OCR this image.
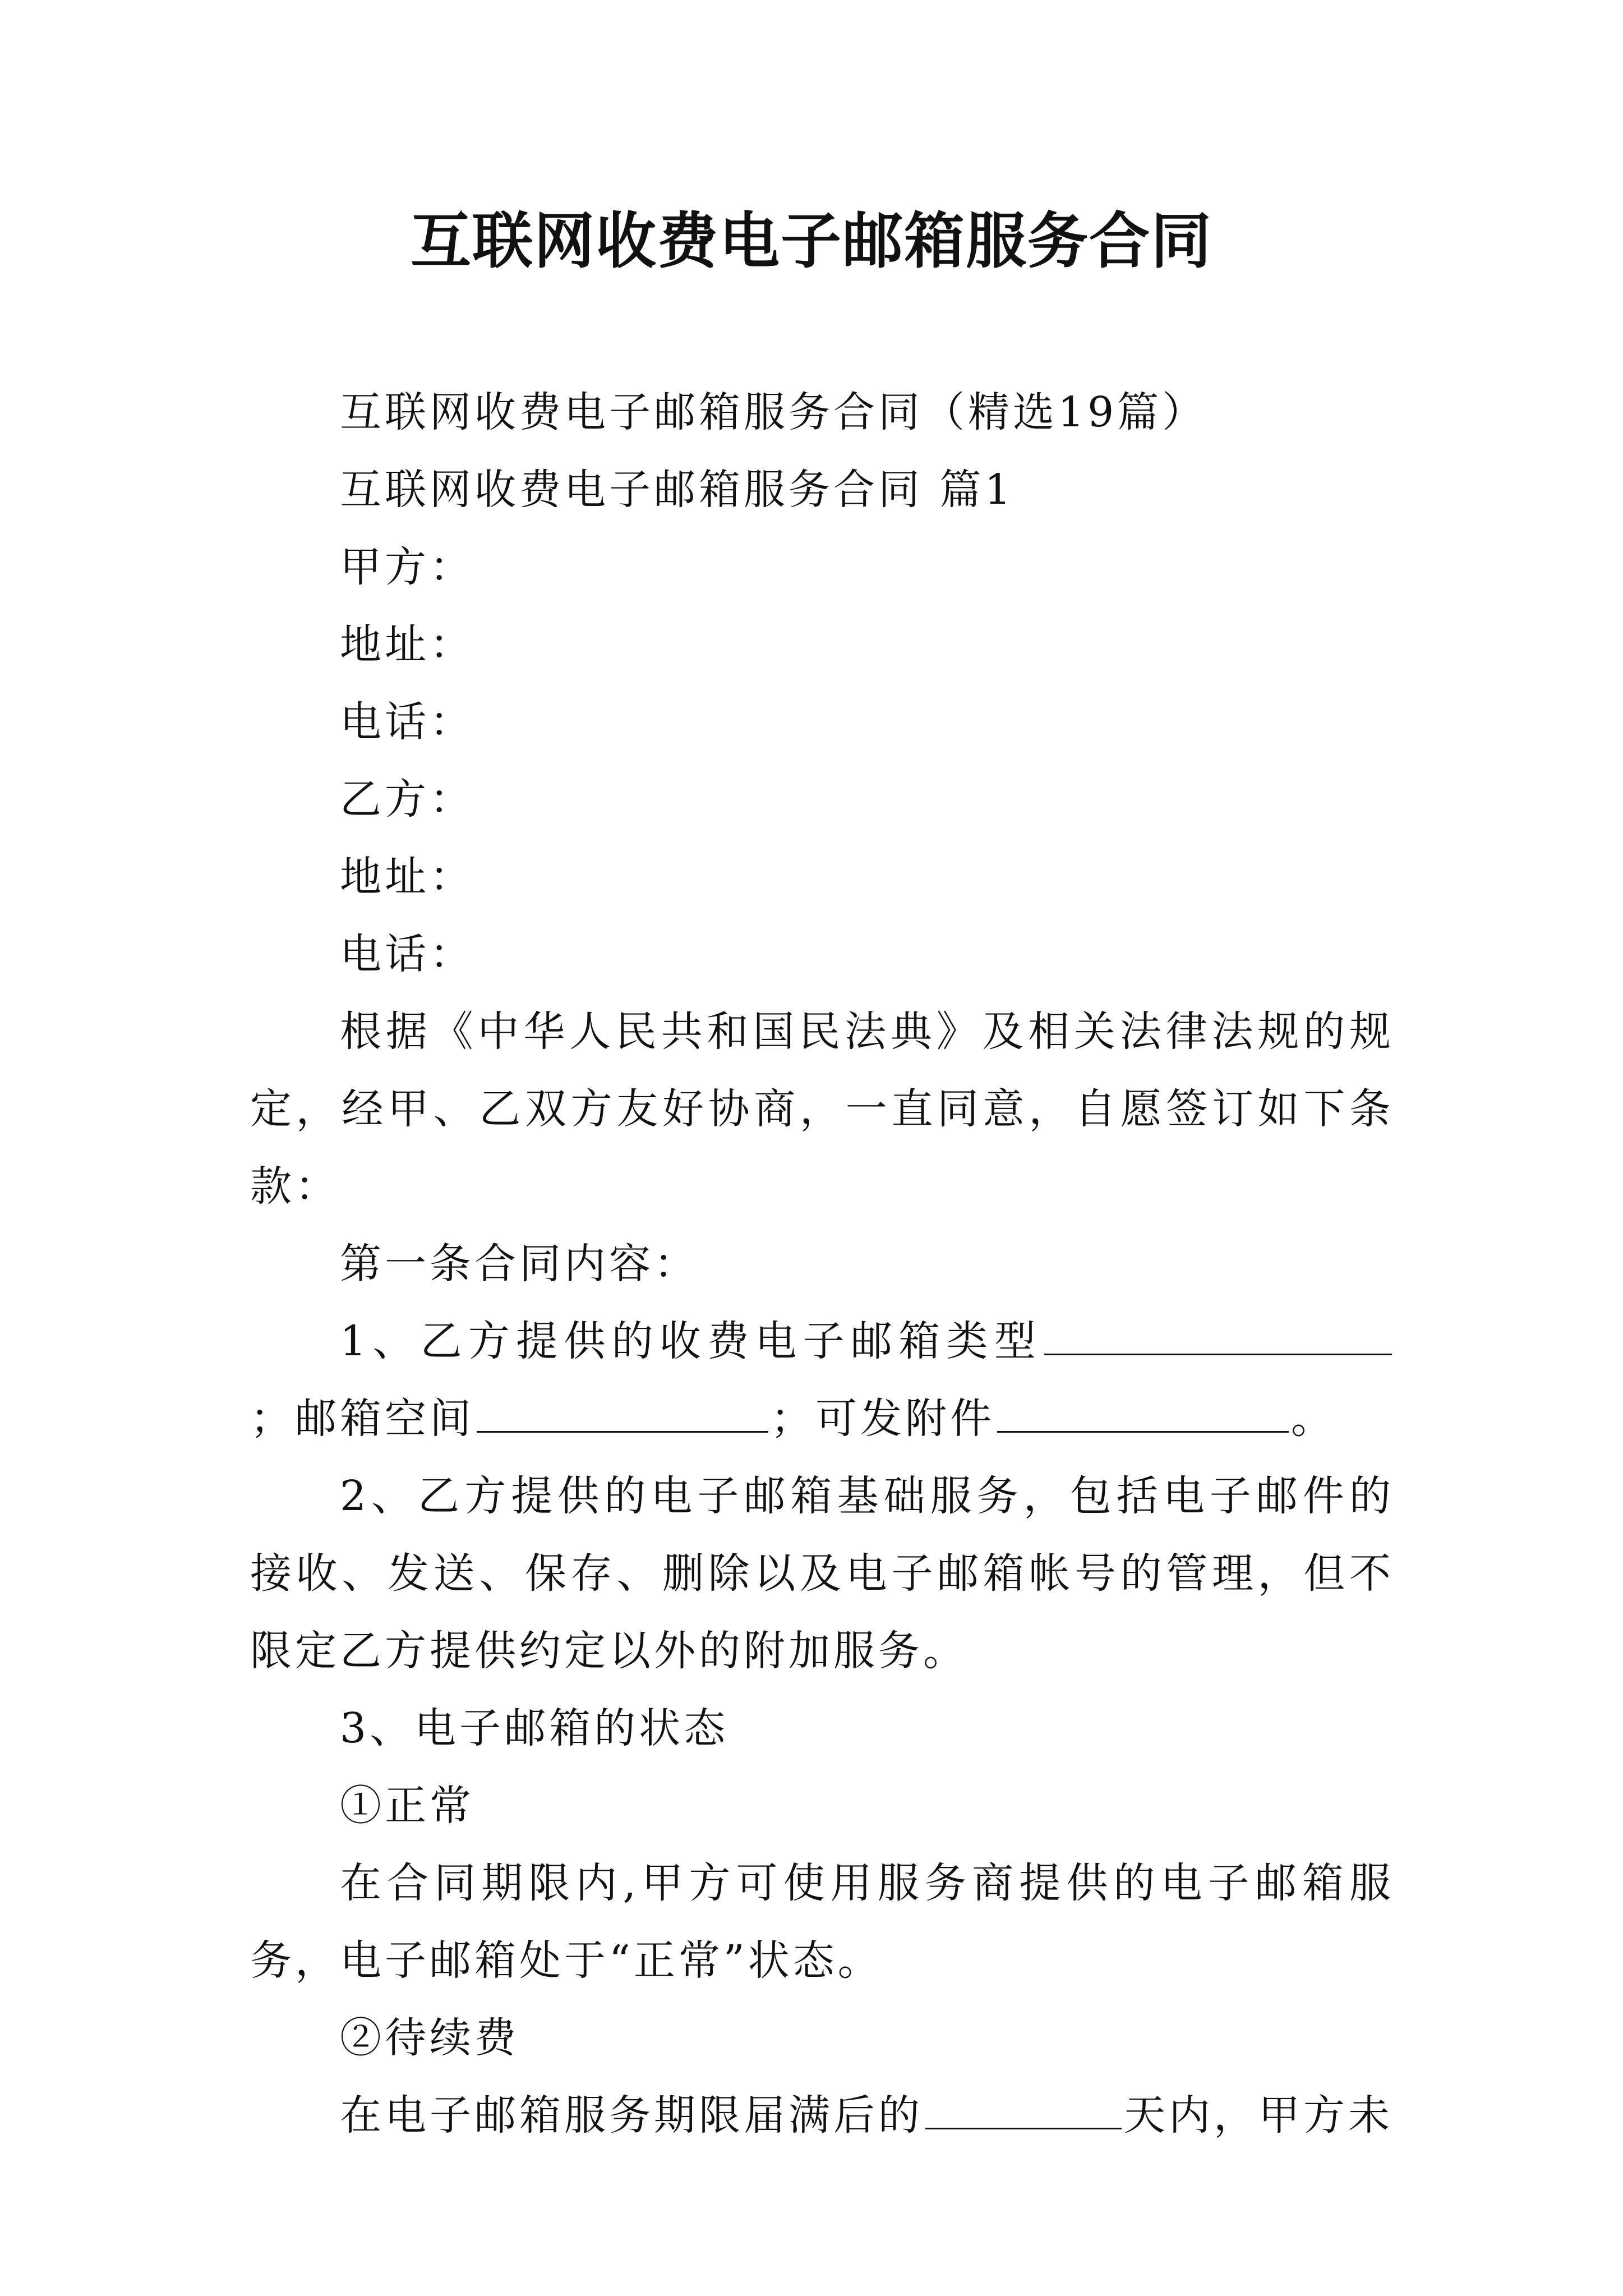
互联网收费电子邮箱服务合同

互联网收费电子邮箱服务合同（精选19篇）

互联网收费电子邮箱服务合同 篇1

甲方：

地址：

电话：

乙方：

地址：

电话：

根据《中华人民共和国民法典》及相关法律法规的规定，经甲、乙双方友好协商，一直同意，自愿签订如下条款：

第一条合同内容：

1、乙方提供的收费电子邮箱类型；邮箱空间	；可发附件	。

2、乙方提供的电子邮箱基础服务，包括电子邮件的接收、发送、保存、删除以及电子邮箱帐号的管理，但不限定乙方提供约定以外的附加服务。

3、电子邮箱的状态

①正常

在合同期限内,甲方可使用服务商提供的电子邮箱服务，电子邮箱处于“正常”状态。

②待续费

在电子邮箱服务期限届满后的	天内，甲方未
